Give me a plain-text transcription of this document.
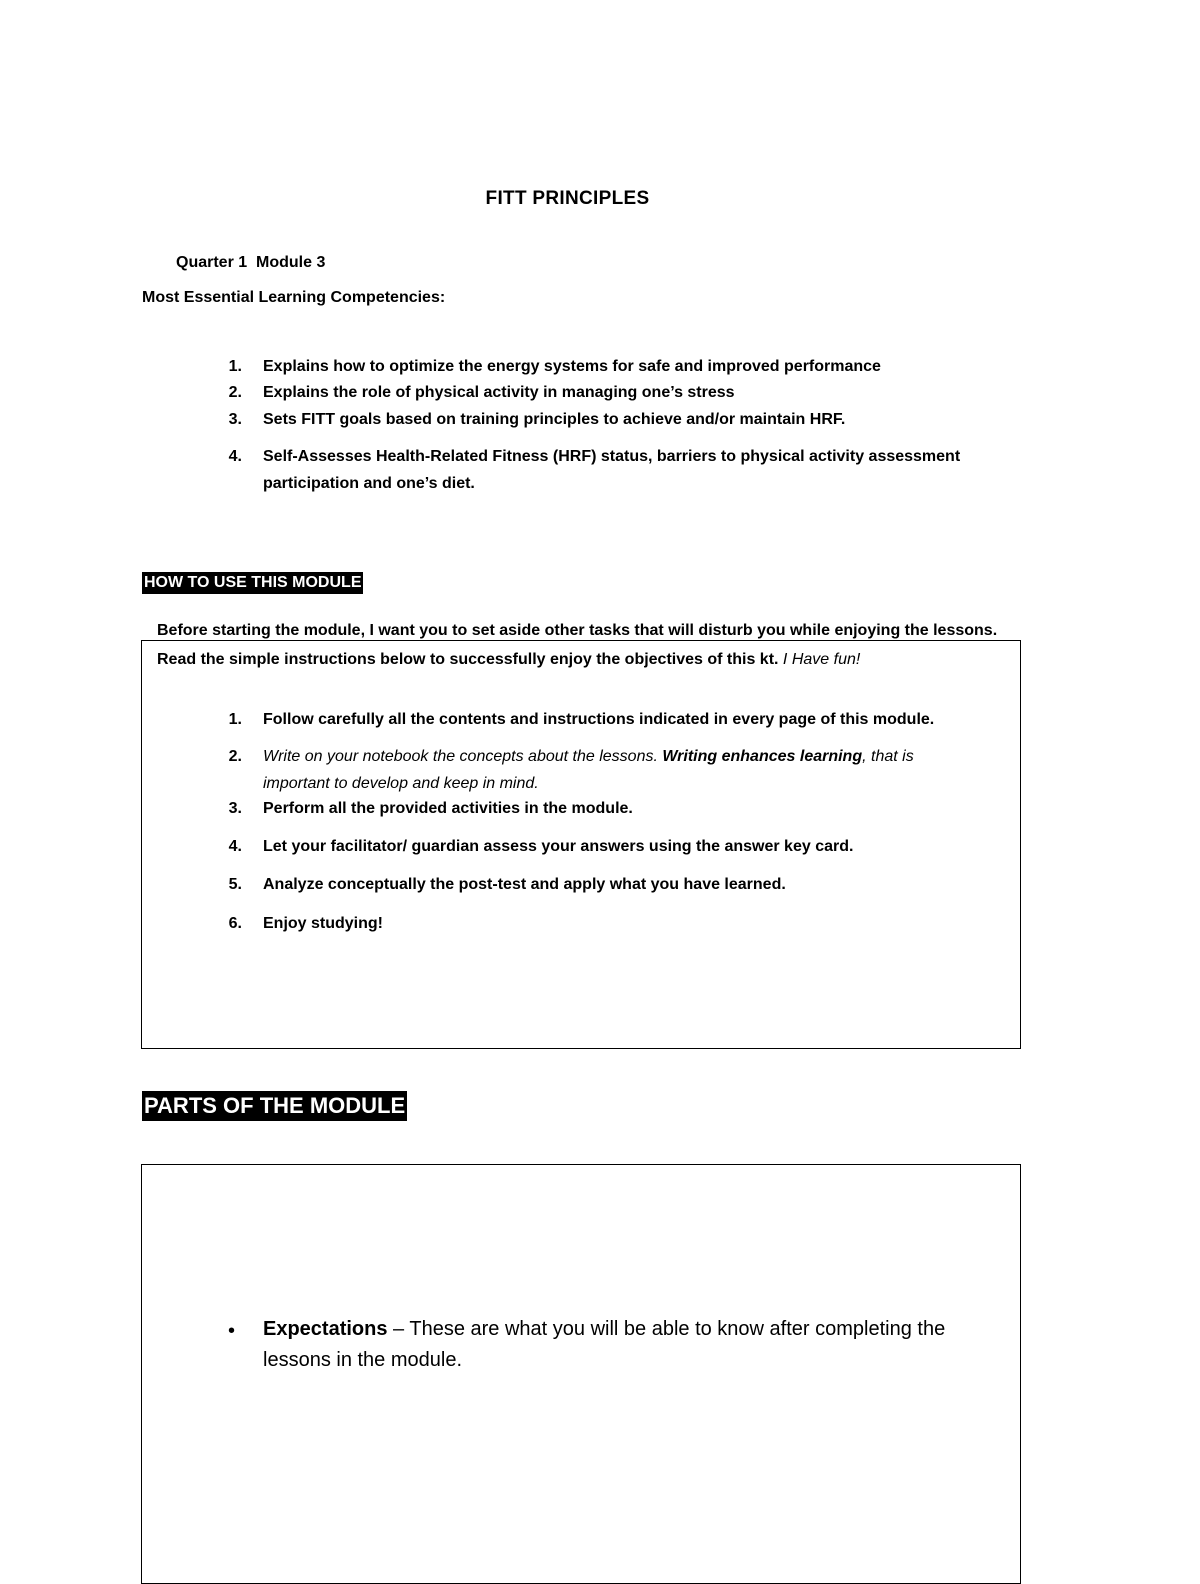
FITT PRINCIPLES
Quarter 1  Module 3
Most Essential Learning Competencies:
1. Explains how to optimize the energy systems for safe and improved performance
2. Explains the role of physical activity in managing one’s stress
3. Sets FITT goals based on training principles to achieve and/or maintain HRF.
4. Self-Assesses Health-Related Fitness (HRF) status, barriers to physical activity assessment
participation and one’s diet.
HOW TO USE THIS MODULE
Before starting the module, I want you to set aside other tasks that will disturb you while enjoying the lessons.
Read the simple instructions below to successfully enjoy the objectives of this kt. I Have fun!
1. Follow carefully all the contents and instructions indicated in every page of this module.
2. Write on your notebook the concepts about the lessons. Writing enhances learning, that is
important to develop and keep in mind.
3. Perform all the provided activities in the module.
4. Let your facilitator/ guardian assess your answers using the answer key card.
5. Analyze conceptually the post-test and apply what you have learned.
6. Enjoy studying!
PARTS OF THE MODULE
• Expectations – These are what you will be able to know after completing the lessons in the module.
